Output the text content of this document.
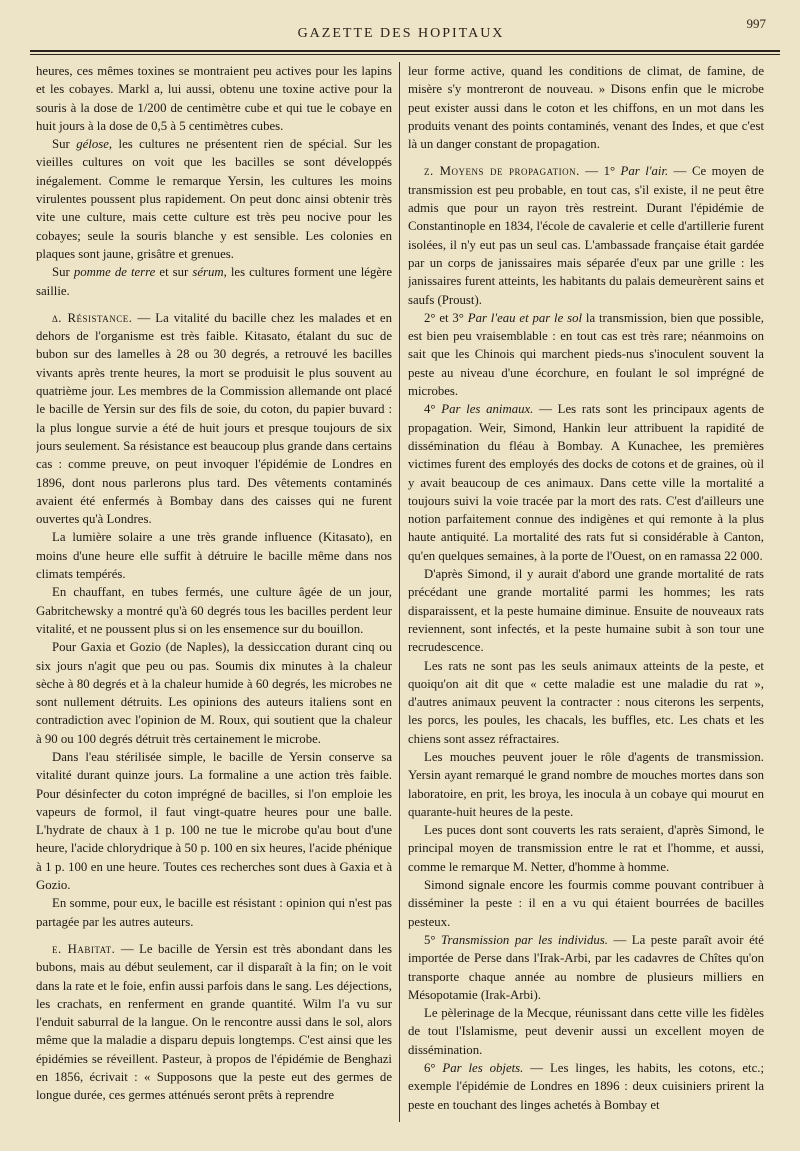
GAZETTE DES HOPITAUX
997

heures, ces mêmes toxines se montraient peu actives pour les lapins et les cobayes. Markl a, lui aussi, obtenu une toxine active pour la souris à la dose de 1/200 de centimètre cube et qui tue le cobaye en huit jours à la dose de 0,5 à 5 centimètres cubes.

Sur gélose, les cultures ne présentent rien de spécial. Sur les vieilles cultures on voit que les bacilles se sont développés inégalement. Comme le remarque Yersin, les cultures les moins virulentes poussent plus rapidement. On peut donc ainsi obtenir très vite une culture, mais cette culture est très peu nocive pour les cobayes; seule la souris blanche y est sensible. Les colonies en plaques sont jaune, grisâtre et grenues.

Sur pomme de terre et sur sérum, les cultures forment une légère saillie.

δ. Résistance. — La vitalité du bacille chez les malades et en dehors de l'organisme est très faible. Kitasato, étalant du suc de bubon sur des lamelles à 28 ou 30 degrés, a retrouvé les bacilles vivants après trente heures, la mort se produisit le plus souvent au quatrième jour. Les membres de la Commission allemande ont placé le bacille de Yersin sur des fils de soie, du coton, du papier buvard : la plus longue survie a été de huit jours et presque toujours de six jours seulement. Sa résistance est beaucoup plus grande dans certains cas : comme preuve, on peut invoquer l'épidémie de Londres en 1896, dont nous parlerons plus tard. Des vêtements contaminés avaient été enfermés à Bombay dans des caisses qui ne furent ouvertes qu'à Londres.

La lumière solaire a une très grande influence (Kitasato), en moins d'une heure elle suffit à détruire le bacille même dans nos climats tempérés.

En chauffant, en tubes fermés, une culture âgée de un jour, Gabritchewsky a montré qu'à 60 degrés tous les bacilles perdent leur vitalité, et ne poussent plus si on les ensemence sur du bouillon.

Pour Gaxia et Gozio (de Naples), la dessiccation durant cinq ou six jours n'agit que peu ou pas. Soumis dix minutes à la chaleur sèche à 80 degrés et à la chaleur humide à 60 degrés, les microbes ne sont nullement détruits. Les opinions des auteurs italiens sont en contradiction avec l'opinion de M. Roux, qui soutient que la chaleur à 90 ou 100 degrés détruit très certainement le microbe.

Dans l'eau stérilisée simple, le bacille de Yersin conserve sa vitalité durant quinze jours. La formaline a une action très faible. Pour désinfecter du coton imprégné de bacilles, si l'on emploie les vapeurs de formol, il faut vingt-quatre heures pour une balle. L'hydrate de chaux à 1 p. 100 ne tue le microbe qu'au bout d'une heure, l'acide chlorydrique à 50 p. 100 en six heures, l'acide phénique à 1 p. 100 en une heure. Toutes ces recherches sont dues à Gaxia et à Gozio.

En somme, pour eux, le bacille est résistant : opinion qui n'est pas partagée par les autres auteurs.

ε. Habitat. — Le bacille de Yersin est très abondant dans les bubons, mais au début seulement, car il disparaît à la fin; on le voit dans la rate et le foie, enfin aussi parfois dans le sang. Les déjections, les crachats, en renferment en grande quantité. Wilm l'a vu sur l'enduit saburral de la langue. On le rencontre aussi dans le sol, alors même que la maladie a disparu depuis longtemps. C'est ainsi que les épidémies se réveillent. Pasteur, à propos de l'épidémie de Benghazi en 1856, écrivait : « Supposons que la peste eut des germes de longue durée, ces germes atténués seront prêts à reprendre

leur forme active, quand les conditions de climat, de famine, de misère s'y montreront de nouveau. » Disons enfin que le microbe peut exister aussi dans le coton et les chiffons, en un mot dans les produits venant des points contaminés, venant des Indes, et que c'est là un danger constant de propagation.

ζ. Moyens de propagation. — 1° Par l'air. — Ce moyen de transmission est peu probable, en tout cas, s'il existe, il ne peut être admis que pour un rayon très restreint. Durant l'épidémie de Constantinople en 1834, l'école de cavalerie et celle d'artillerie furent isolées, il n'y eut pas un seul cas. L'ambassade française était gardée par un corps de janissaires mais séparée d'eux par une grille : les janissaires furent atteints, les habitants du palais demeurèrent sains et saufs (Proust).

2° et 3° Par l'eau et par le sol la transmission, bien que possible, est bien peu vraisemblable : en tout cas est très rare; néanmoins on sait que les Chinois qui marchent pieds-nus s'inoculent souvent la peste au niveau d'une écorchure, en foulant le sol imprégné de microbes.

4° Par les animaux. — Les rats sont les principaux agents de propagation. Weir, Simond, Hankin leur attribuent la rapidité de dissémination du fléau à Bombay. A Kunachee, les premières victimes furent des employés des docks de cotons et de graines, où il y avait beaucoup de ces animaux. Dans cette ville la mortalité a toujours suivi la voie tracée par la mort des rats. C'est d'ailleurs une notion parfaitement connue des indigènes et qui remonte à la plus haute antiquité. La mortalité des rats fut si considérable à Canton, qu'en quelques semaines, à la porte de l'Ouest, on en ramassa 22 000.

D'après Simond, il y aurait d'abord une grande mortalité de rats précédant une grande mortalité parmi les hommes; les rats disparaissent, et la peste humaine diminue. Ensuite de nouveaux rats reviennent, sont infectés, et la peste humaine subit à son tour une recrudescence.

Les rats ne sont pas les seuls animaux atteints de la peste, et quoiqu'on ait dit que « cette maladie est une maladie du rat », d'autres animaux peuvent la contracter : nous citerons les serpents, les porcs, les poules, les chacals, les buffles, etc. Les chats et les chiens sont assez réfractaires.

Les mouches peuvent jouer le rôle d'agents de transmission. Yersin ayant remarqué le grand nombre de mouches mortes dans son laboratoire, en prit, les broya, les inocula à un cobaye qui mourut en quarante-huit heures de la peste.

Les puces dont sont couverts les rats seraient, d'après Simond, le principal moyen de transmission entre le rat et l'homme, et aussi, comme le remarque M. Netter, d'homme à homme.

Simond signale encore les fourmis comme pouvant contribuer à disséminer la peste : il en a vu qui étaient bourrées de bacilles pesteux.

5° Transmission par les individus. — La peste paraît avoir été importée de Perse dans l'Irak-Arbi, par les cadavres de Chîtes qu'on transporte chaque année au nombre de plusieurs milliers en Mésopotamie (Irak-Arbi).

Le pèlerinage de la Mecque, réunissant dans cette ville les fidèles de tout l'Islamisme, peut devenir aussi un excellent moyen de dissémination.

6° Par les objets. — Les linges, les habits, les cotons, etc.; exemple l'épidémie de Londres en 1896 : deux cuisiniers prirent la peste en touchant des linges achetés à Bombay et
